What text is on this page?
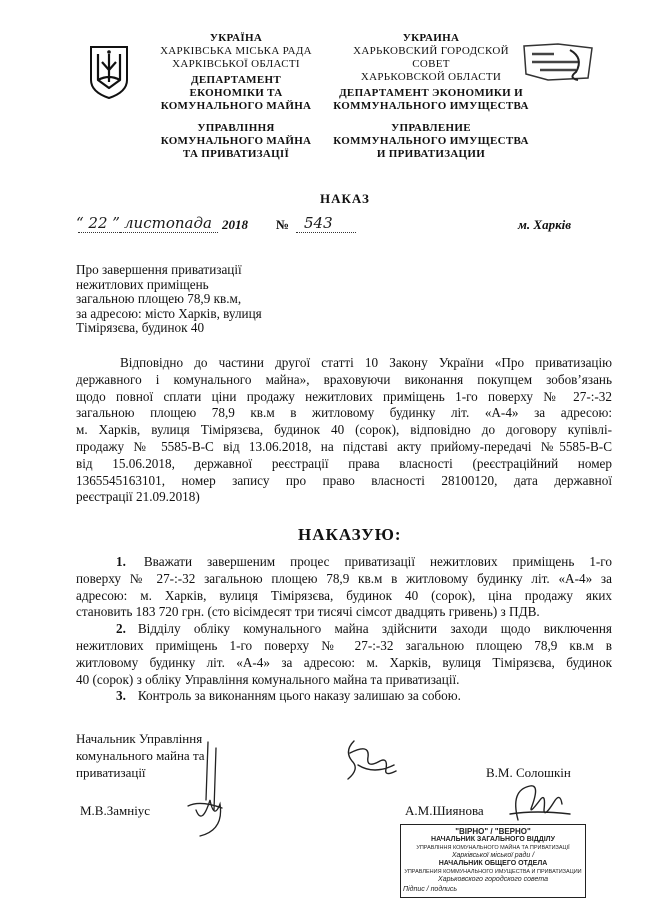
УКРАЇНА
ХАРКІВСЬКА МІСЬКА РАДА
ХАРКІВСЬКОЇ ОБЛАСТІ
ДЕПАРТАМЕНТ
ЕКОНОМІКИ ТА
КОМУНАЛЬНОГО МАЙНА
УПРАВЛІННЯ
КОМУНАЛЬНОГО МАЙНА
ТА ПРИВАТИЗАЦІЇ
УКРАИНА
ХАРЬКОВСКИЙ ГОРОДСКОЙ
СОВЕТ
ХАРЬКОВСКОЙ ОБЛАСТИ
ДЕПАРТАМЕНТ ЭКОНОМИКИ И
КОММУНАЛЬНОГО ИМУЩЕСТВА
УПРАВЛЕНИЕ
КОММУНАЛЬНОГО ИМУЩЕСТВА
И ПРИВАТИЗАЦИИ
НАКАЗ
“ 22 ” листопада 2018 № 543	м. Харків
Про завершення приватизації
нежитлових приміщень
загальною площею 78,9 кв.м,
за адресою: місто Харків, вулиця
Тімірязєва, будинок 40
Відповідно до частини другої статті 10 Закону України «Про приватизацію
державного і комунального майна», враховуючи виконання покупцем зобов’язань
щодо повної сплати ціни продажу нежитлових приміщень 1-го поверху № 27-:-32
загальною площею 78,9 кв.м в житловому будинку літ. «А-4» за адресою:
м. Харків, вулиця Тімірязєва, будинок 40 (сорок), відповідно до договору купівлі-
продажу № 5585-В-С від 13.06.2018, на підставі акту прийому-передачі №5585-В-С
від 15.06.2018, державної реєстрації права власності (реєстраційний номер
1365545163101, номер запису про право власності 28100120, дата державної
реєстрації 21.09.2018)
НАКАЗУЮ:
1. Вважати завершеним процес приватизації нежитлових приміщень 1-го
поверху № 27-:-32 загальною площею 78,9 кв.м в житловому будинку літ. «А-4» за
адресою: м. Харків, вулиця Тімірязєва, будинок 40 (сорок), ціна продажу яких
становить 183 720 грн. (сто вісімдесят три тисячі сімсот двадцять гривень) з ПДВ.
2. Відділу обліку комунального майна здійснити заходи щодо виключення
нежитлових приміщень 1-го поверху № 27-:-32 загальною площею 78,9 кв.м в
житловому будинку літ. «А-4» за адресою: м. Харків, вулиця Тімірязєва, будинок
40 (сорок) з обліку Управління комунального майна та приватизації.
3. Контроль за виконанням цього наказу залишаю за собою.
Начальник Управління
комунального майна та
приватизації	В.М. Солошкін
М.В.Замніус	А.М.Шиянова
"ВІРНО" / "ВЕРНО"
НАЧАЛЬНИК ЗАГАЛЬНОГО ВІДДІЛУ
УПРАВЛІННЯ КОМУНАЛЬНОГО МАЙНА ТА ПРИВАТИЗАЦІЇ
Харківської міської ради /
НАЧАЛЬНИК ОБЩЕГО ОТДЕЛА
УПРАВЛЕНИЯ КОММУНАЛЬНОГО ИМУЩЕСТВА И ПРИВАТИЗАЦИИ
Харьковского городского совета
Підпис / подпись
